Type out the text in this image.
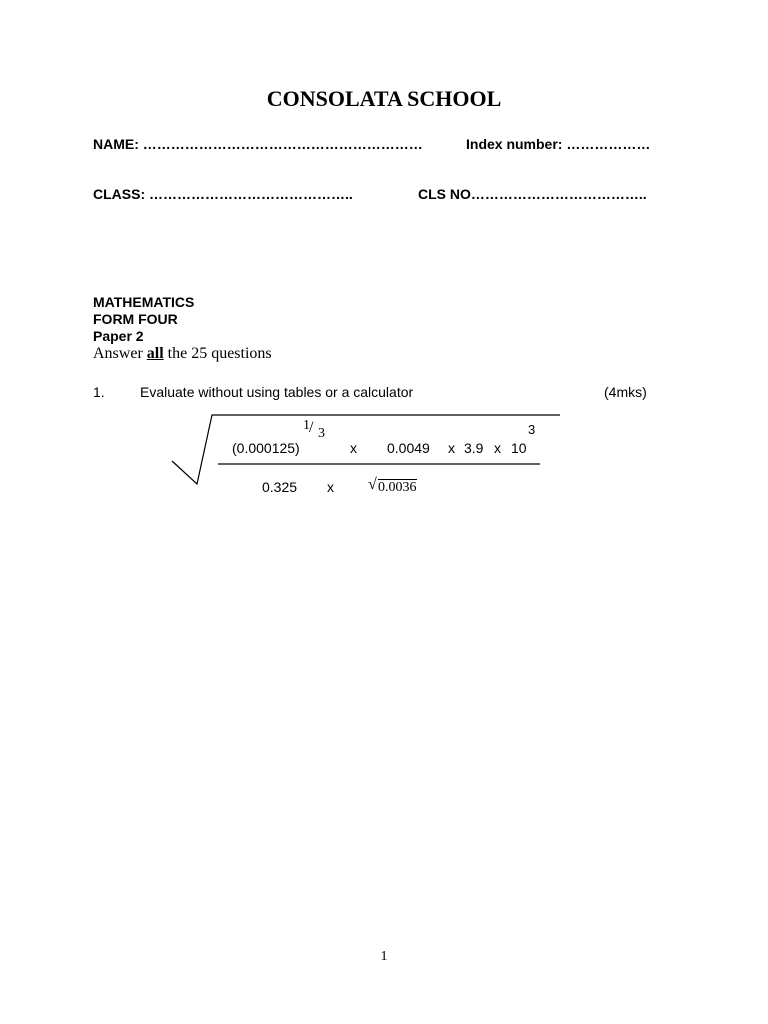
CONSOLATA SCHOOL
NAME: ……………………………………………………	Index number: ………………
CLASS: ……………………………………..	CLS NO………………………………..
MATHEMATICS
FORM FOUR
Paper 2
Answer all the 25 questions
1.	Evaluate without using tables or a calculator	(4mks)
1 / 3
(0.000125)	x 0.0049 x 3.9 x 10
3
0.325 x √ 0.0036
1
